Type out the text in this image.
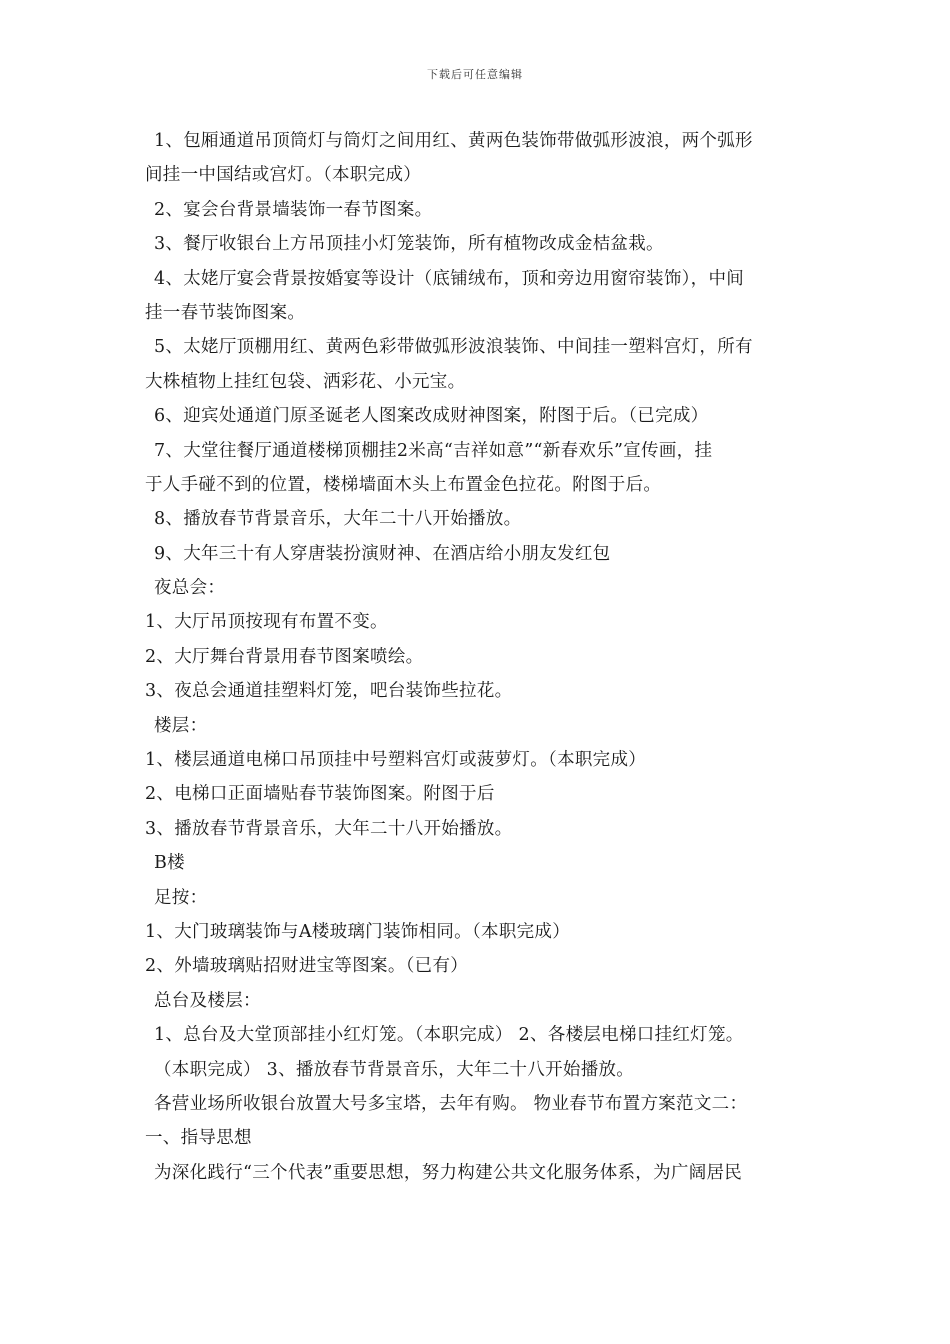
下载后可任意编辑
1、包厢通道吊顶筒灯与筒灯之间用红、黄两色装饰带做弧形波浪，两个弧形
间挂一中国结或宫灯。（本职完成）
2、宴会台背景墙装饰一春节图案。
3、餐厅收银台上方吊顶挂小灯笼装饰，所有植物改成金桔盆栽。
4、太姥厅宴会背景按婚宴等设计（底铺绒布，顶和旁边用窗帘装饰），中间
挂一春节装饰图案。
5、太姥厅顶棚用红、黄两色彩带做弧形波浪装饰、中间挂一塑料宫灯，所有
大株植物上挂红包袋、洒彩花、小元宝。
6、迎宾处通道门原圣诞老人图案改成财神图案，附图于后。（已完成）
7、大堂往餐厅通道楼梯顶棚挂2米高“吉祥如意”“新春欢乐”宣传画，挂
于人手碰不到的位置，楼梯墙面木头上布置金色拉花。附图于后。
8、播放春节背景音乐，大年二十八开始播放。
9、大年三十有人穿唐装扮演财神、在酒店给小朋友发红包
夜总会：
1、大厅吊顶按现有布置不变。
2、大厅舞台背景用春节图案喷绘。
3、夜总会通道挂塑料灯笼，吧台装饰些拉花。
楼层：
1、楼层通道电梯口吊顶挂中号塑料宫灯或菠萝灯。（本职完成）
2、电梯口正面墙贴春节装饰图案。附图于后
3、播放春节背景音乐，大年二十八开始播放。
B楼
足按：
1、大门玻璃装饰与A楼玻璃门装饰相同。（本职完成）
2、外墙玻璃贴招财进宝等图案。（已有）
总台及楼层：
1、总台及大堂顶部挂小红灯笼。（本职完成） 2、各楼层电梯口挂红灯笼。
（本职完成） 3、播放春节背景音乐，大年二十八开始播放。
各营业场所收银台放置大号多宝塔，去年有购。 物业春节布置方案范文二：
一、指导思想
为深化践行“三个代表”重要思想，努力构建公共文化服务体系，为广阔居民
